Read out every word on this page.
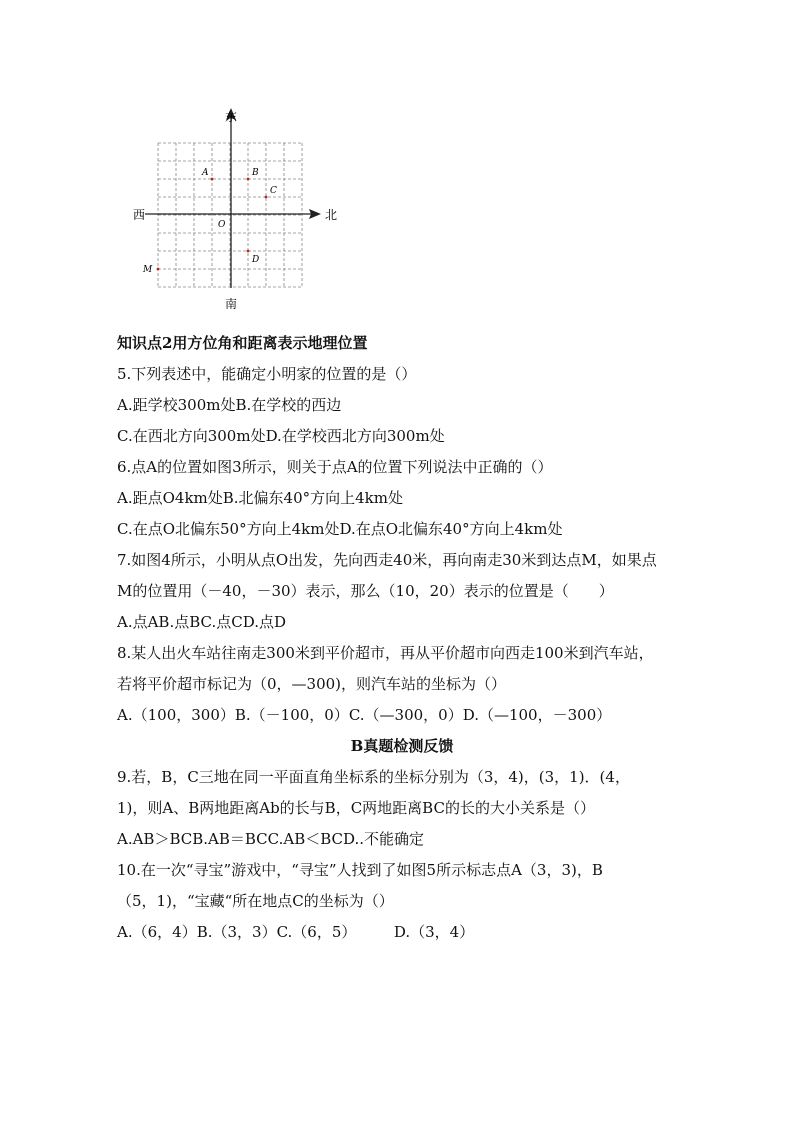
东
北
西
南
O
A	B
C
D
M
知识点2用方位角和距离表示地理位置
5.下列表述中，能确定小明家的位置的是（）
A.距学校300m处B.在学校的西边
C.在西北方向300m处D.在学校西北方向300m处
6.点A的位置如图3所示，则关于点A的位置下列说法中正确的（）
A.距点O4km处B.北偏东40°方向上4km处
C.在点O北偏东50°方向上4km处D.在点O北偏东40°方向上4km处
7.如图4所示，小明从点O出发，先向西走40米，再向南走30米到达点M，如果点
M的位置用（－40，－30）表示，那么（10，20）表示的位置是（　　）
A.点AB.点BC.点CD.点D
8.某人出火车站往南走300米到平价超市，再从平价超市向西走100米到汽车站，
若将平价超市标记为（0，—300)，则汽车站的坐标为（）
A.（100，300）B.（－100，0）C.（—300，0）D.（—100，－300）
B真题检测反馈
9.若，B，C三地在同一平面直角坐标系的坐标分别为（3，4)，(3，1)．(4，
1)，则A、B两地距离Ab的长与B，C两地距离BC的长的大小关系是（）
A.AB＞BCB.AB＝BCC.AB＜BCD..不能确定
10.在一次“寻宝”游戏中，“寻宝”人找到了如图5所示标志点A（3，3)，B
（5，1)，“宝藏“所在地点C的坐标为（）
A.（6，4）B.（3，3）C.（6，5）　　　D.（3，4）
